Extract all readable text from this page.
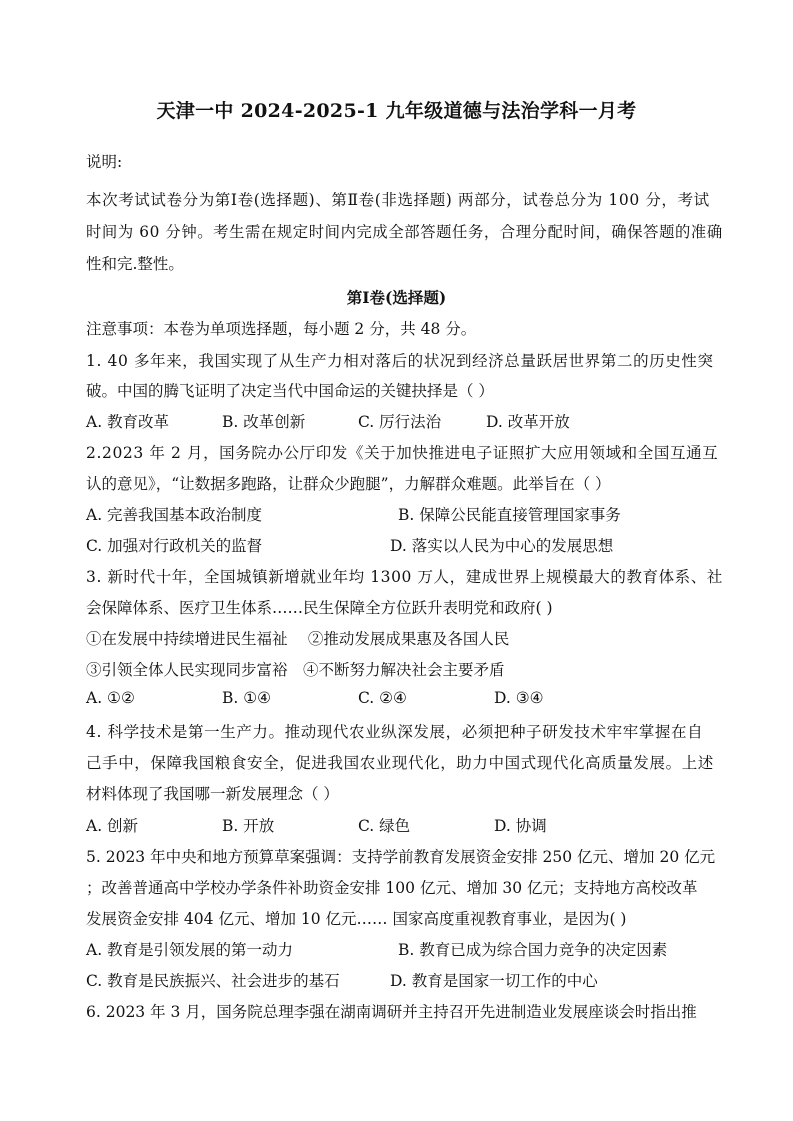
天津一中 2024-2025-1 九年级道德与法治学科一月考
说明:
本次考试试卷分为第Ⅰ卷(选择题)、第Ⅱ卷(非选择题) 两部分，试卷总分为 100 分，考试
时间为 60 分钟。考生需在规定时间内完成全部答题任务，合理分配时间，确保答题的准确
性和完.整性。
第Ⅰ卷(选择题)
注意事项：本卷为单项选择题，每小题 2 分，共 48 分。
1. 40 多年来，我国实现了从生产力相对落后的状况到经济总量跃居世界第二的历史性突
破。中国的腾飞证明了决定当代中国命运的关键抉择是（ ）
A. 教育改革	B. 改革创新	C. 厉行法治	D. 改革开放
2.2023 年 2 月，国务院办公厅印发《关于加快推进电子证照扩大应用领域和全国互通互
认的意见》，“让数据多跑路，让群众少跑腿”，力解群众难题。此举旨在（ ）
A. 完善我国基本政治制度	B. 保障公民能直接管理国家事务
C. 加强对行政机关的监督	D. 落实以人民为中心的发展思想
3. 新时代十年，全国城镇新增就业年均 1300 万人，建成世界上规模最大的教育体系、社
会保障体系、医疗卫生体系……民生保障全方位跃升表明党和政府( )
①在发展中持续增进民生福祉　 ②推动发展成果惠及各国人民
③引领全体人民实现同步富裕　④不断努力解决社会主要矛盾
A. ①②	B. ①④	C. ②④	D. ③④
4. 科学技术是第一生产力。推动现代农业纵深发展，必须把种子研发技术牢牢掌握在自
己手中，保障我国粮食安全，促进我国农业现代化，助力中国式现代化高质量发展。上述
材料体现了我国哪一新发展理念（ ）
A. 创新	B. 开放	C. 绿色	D. 协调
5. 2023 年中央和地方预算草案强调：支持学前教育发展资金安排 250 亿元、增加 20 亿元
；改善普通高中学校办学条件补助资金安排 100 亿元、增加 30 亿元；支持地方高校改革
发展资金安排 404 亿元、增加 10 亿元…… 国家高度重视教育事业，是因为( )
A. 教育是引领发展的第一动力	B. 教育已成为综合国力竞争的决定因素
C. 教育是民族振兴、社会进步的基石	D. 教育是国家一切工作的中心
6. 2023 年 3 月，国务院总理李强在湖南调研并主持召开先进制造业发展座谈会时指出推
